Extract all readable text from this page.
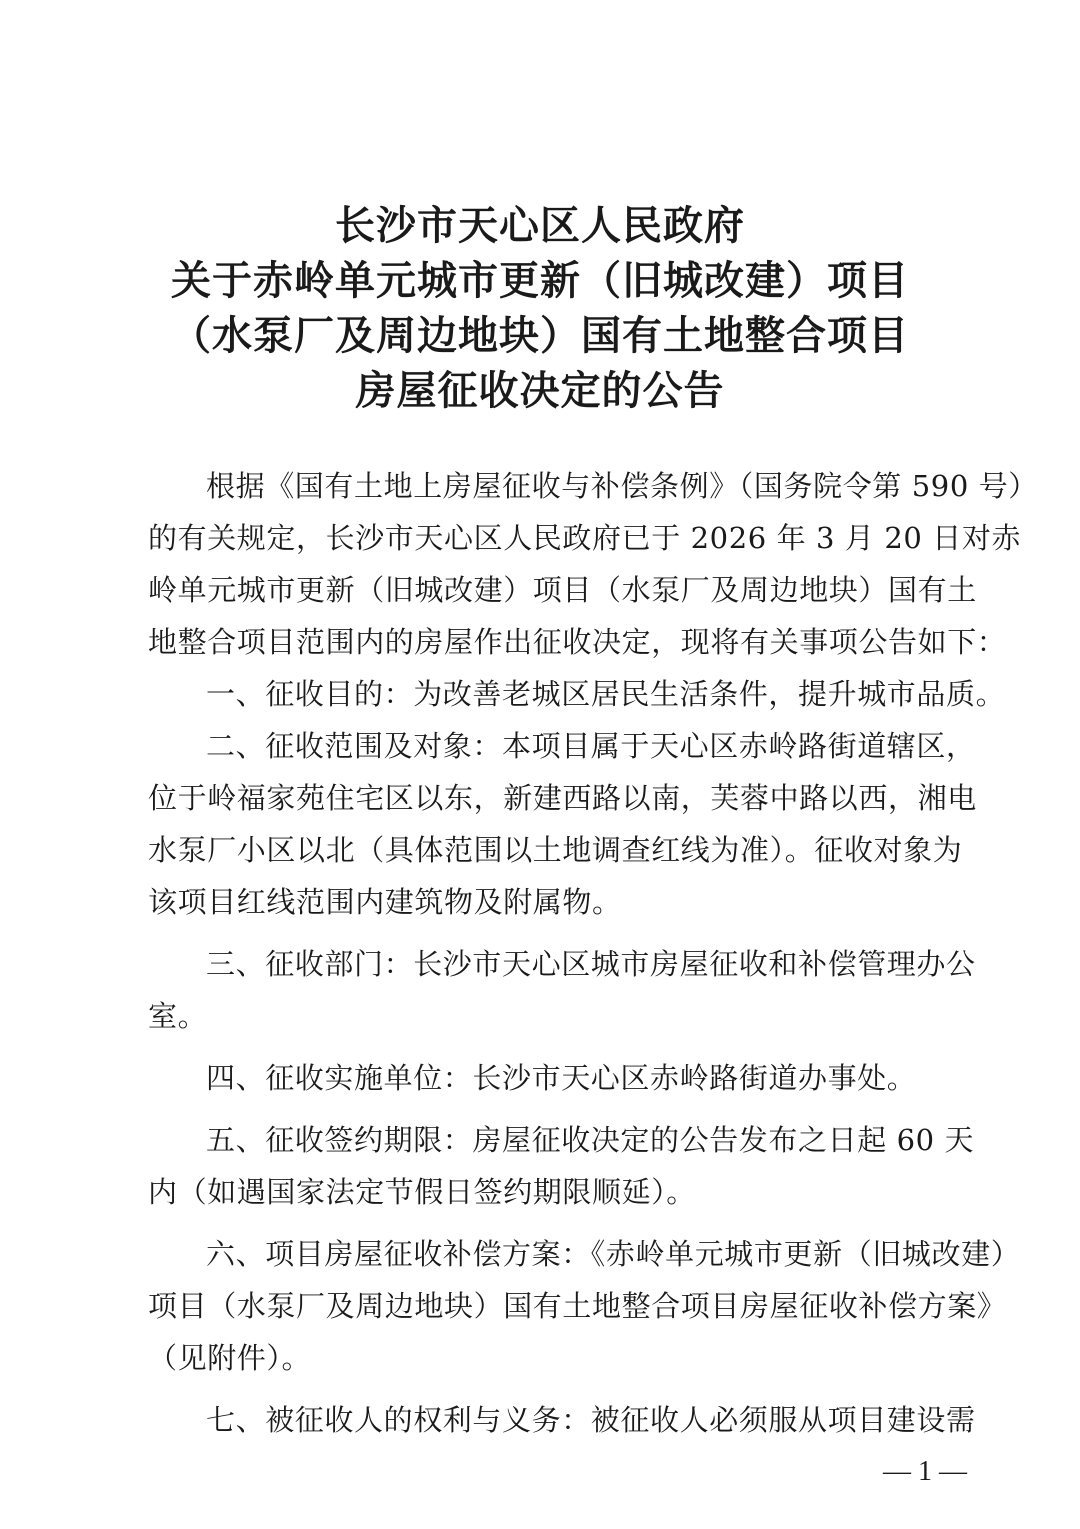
长沙市天心区人民政府
关于赤岭单元城市更新（旧城改建）项目
（水泵厂及周边地块）国有土地整合项目
房屋征收决定的公告
根据《国有土地上房屋征收与补偿条例》（国务院令第 590 号）
的有关规定，长沙市天心区人民政府已于 2026 年 3 月 20 日对赤
岭单元城市更新（旧城改建）项目（水泵厂及周边地块）国有土
地整合项目范围内的房屋作出征收决定，现将有关事项公告如下：
一、征收目的：为改善老城区居民生活条件，提升城市品质。
二、征收范围及对象：本项目属于天心区赤岭路街道辖区，
位于岭福家苑住宅区以东，新建西路以南，芙蓉中路以西，湘电
水泵厂小区以北（具体范围以土地调查红线为准）。征收对象为
该项目红线范围内建筑物及附属物。
三、征收部门：长沙市天心区城市房屋征收和补偿管理办公
室。
四、征收实施单位：长沙市天心区赤岭路街道办事处。
五、征收签约期限：房屋征收决定的公告发布之日起 60 天
内（如遇国家法定节假日签约期限顺延）。
六、项目房屋征收补偿方案：《赤岭单元城市更新（旧城改建）
项目（水泵厂及周边地块）国有土地整合项目房屋征收补偿方案》
（见附件）。
七、被征收人的权利与义务：被征收人必须服从项目建设需
— 1 —
